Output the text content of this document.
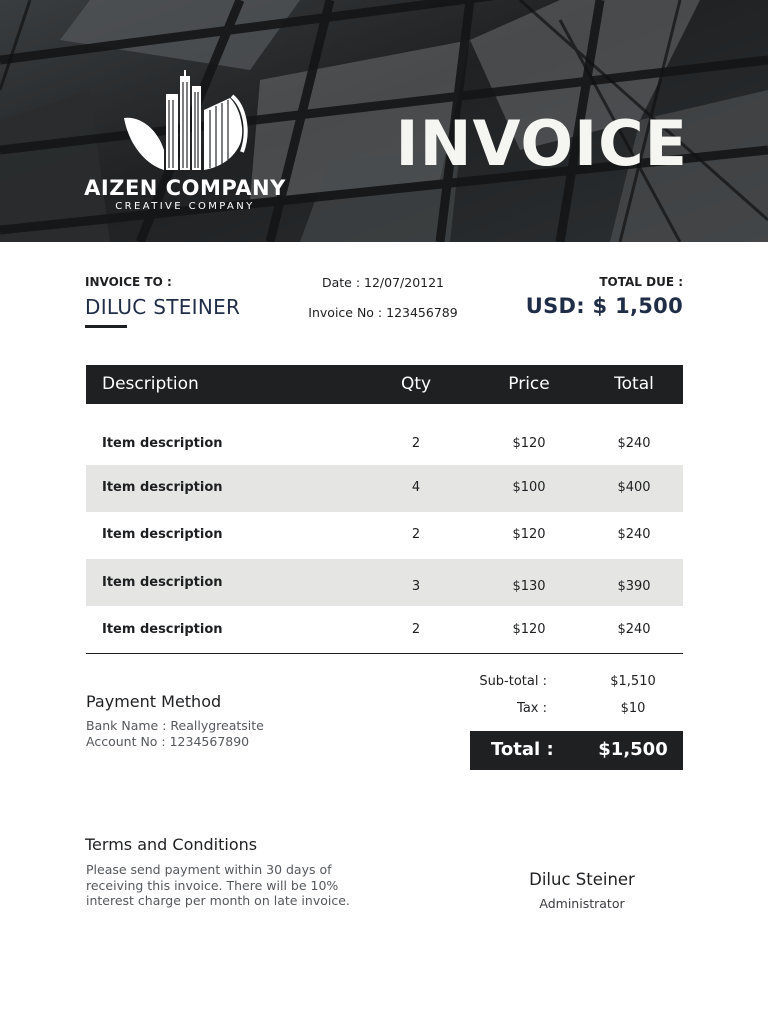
AIZEN COMPANY
CREATIVE COMPANY
INVOICE
INVOICE TO :
DILUC STEINER
Date : 12/07/20121
Invoice No : 123456789
TOTAL DUE :
USD: $ 1,500
Description	Qty	Price	Total
Item description	2	$120	$240
Item description	4	$100	$400
Item description	2	$120	$240
Item description	3	$130	$390
Item description	2	$120	$240
Payment Method
Bank Name : Reallygreatsite
Account No : 1234567890
Sub-total :	$1,510
Tax :	$10
Total : $1,500
Terms and Conditions
Please send payment within 30 days of receiving this invoice. There will be 10% interest charge per month on late invoice.
Diluc Steiner
Administrator
